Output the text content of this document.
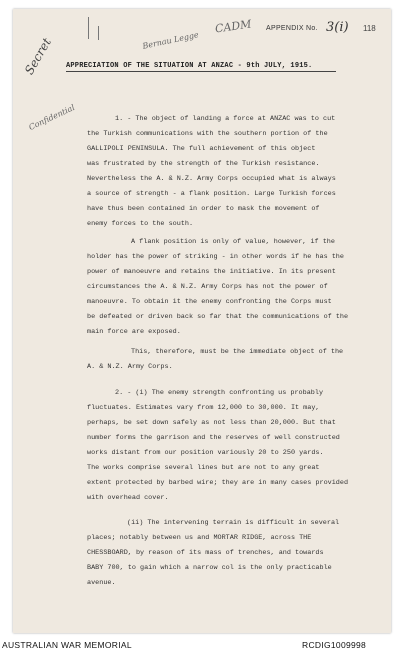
Secret	Bernau Legge
CADM
Confidential
APPENDIX No. 3(i) 118
APPRECIATION OF THE SITUATION AT ANZAC - 9th JULY, 1915.
1. - The object of landing a force at ANZAC was to cut
the Turkish communications with the southern portion of the
GALLIPOLI PENINSULA. The full achievement of this object
was frustrated by the strength of the Turkish resistance.
Nevertheless the A. & N.Z. Army Corps occupied what is always
a source of strength - a flank position. Large Turkish forces
have thus been contained in order to mask the movement of
enemy forces to the south.
A flank position is only of value, however, if the
holder has the power of striking - in other words if he has the
power of manoeuvre and retains the initiative. In its present
circumstances the A. & N.Z. Army Corps has not the power of
manoeuvre. To obtain it the enemy confronting the Corps must
be defeated or driven back so far that the communications of the
main force are exposed.
This, therefore, must be the immediate object of the
A. & N.Z. Army Corps.
2. - (i) The enemy strength confronting us probably
fluctuates. Estimates vary from 12,000 to 30,000. It may,
perhaps, be set down safely as not less than 20,000. But that
number forms the garrison and the reserves of well constructed
works distant from our position variously 20 to 250 yards.
The works comprise several lines but are not to any great
extent protected by barbed wire; they are in many cases provided
with overhead cover.
(ii) The intervening terrain is difficult in several
places; notably between us and MORTAR RIDGE, across THE
CHESSBOARD, by reason of its mass of trenches, and towards
BABY 700, to gain which a narrow col is the only practicable
avenue.
AUSTRALIAN WAR MEMORIAL	RCDIG1009998
